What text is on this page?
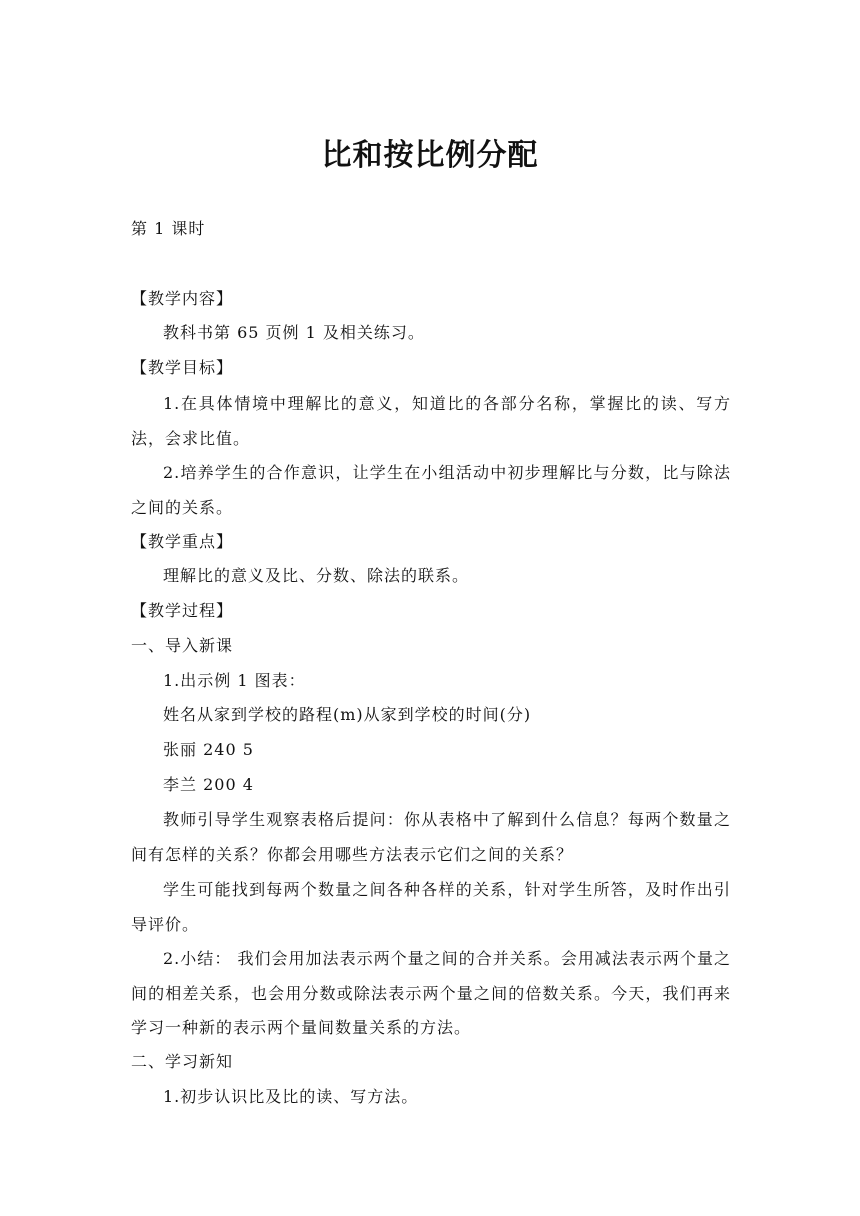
比和按比例分配
第 1 课时
【教学内容】
教科书第 65 页例 1 及相关练习。
【教学目标】
1.在具体情境中理解比的意义，知道比的各部分名称，掌握比的读、写方法，会求比值。
2.培养学生的合作意识，让学生在小组活动中初步理解比与分数，比与除法之间的关系。
【教学重点】
理解比的意义及比、分数、除法的联系。
【教学过程】
一、导入新课
1.出示例 1 图表：
姓名从家到学校的路程(m)从家到学校的时间(分)
张丽 240 5
李兰 200 4
教师引导学生观察表格后提问：你从表格中了解到什么信息？每两个数量之间有怎样的关系？你都会用哪些方法表示它们之间的关系？
学生可能找到每两个数量之间各种各样的关系，针对学生所答，及时作出引导评价。
2.小结： 我们会用加法表示两个量之间的合并关系。会用减法表示两个量之间的相差关系，也会用分数或除法表示两个量之间的倍数关系。今天，我们再来学习一种新的表示两个量间数量关系的方法。
二、学习新知
1.初步认识比及比的读、写方法。
